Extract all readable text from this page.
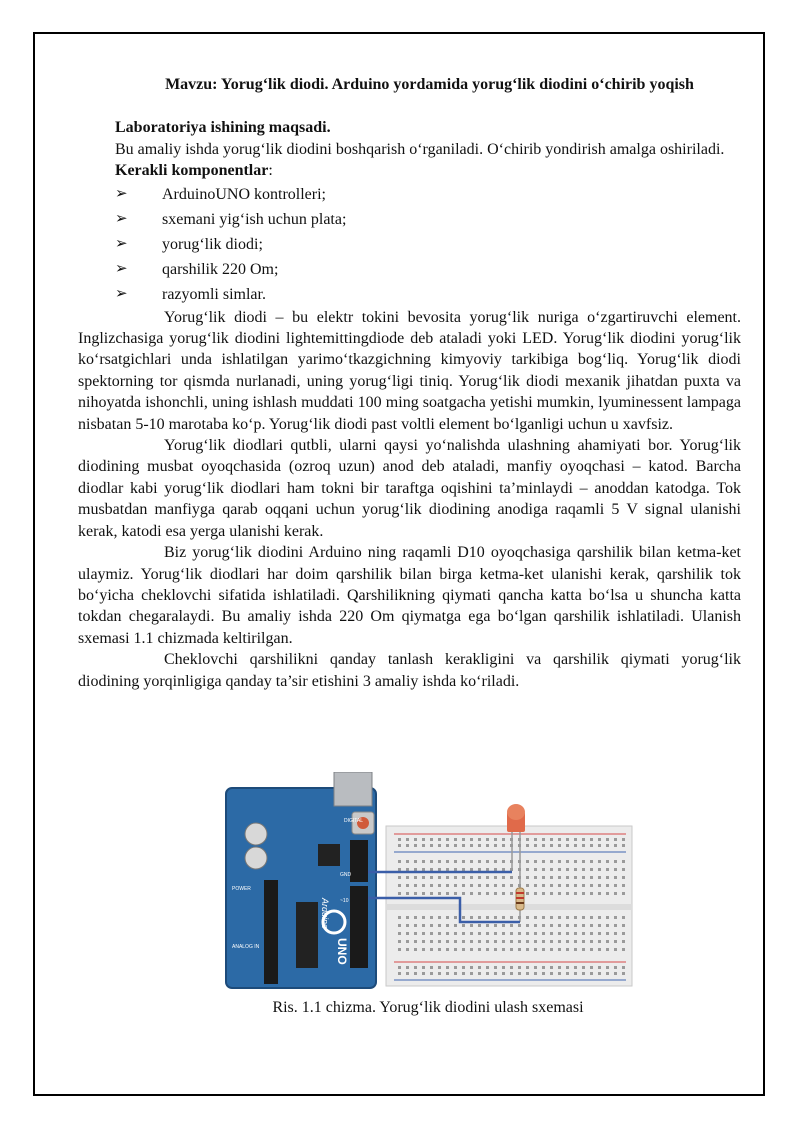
Mavzu: Yorug‘lik diodi. Arduino yordamida yorug‘lik diodini o‘chirib yoqish

Laboratoriya ishining maqsadi.

Bu amaliy ishda yorug‘lik diodini boshqarish o‘rganiladi. O‘chirib yondirish amalga oshiriladi.

Kerakli komponentlar:

➢ ArduinoUNO kontrolleri;
➢ sxemani yig‘ish uchun plata;
➢ yorug‘lik diodi;
➢ qarshilik 220 Om;
➢ razyomli simlar.

Yorug‘lik diodi – bu elektr tokini bevosita yorug‘lik nuriga o‘zgartiruvchi element. Inglizchasiga yorug‘lik diodini lightemittingdiode deb ataladi yoki LED. Yorug‘lik diodini yorug‘lik ko‘rsatgichlari unda ishlatilgan yarimo‘tkazgichning kimyoviy tarkibiga bog‘liq. Yorug‘lik diodi spektorning tor qismda nurlanadi, uning yorug‘ligi tiniq. Yorug‘lik diodi mexanik jihatdan puxta va nihoyatda ishonchli, uning ishlash muddati 100 ming soatgacha yetishi mumkin, lyuminessent lampaga nisbatan 5-10 marotaba ko‘p. Yorug‘lik diodi past voltli element bo‘lganligi uchun u xavfsiz.

Yorug‘lik diodlari qutbli, ularni qaysi yo‘nalishda ulashning ahamiyati bor. Yorug‘lik diodining musbat oyoqchasida (ozroq uzun) anod deb ataladi, manfiy oyoqchasi – katod. Barcha diodlar kabi yorug‘lik diodlari ham tokni bir taraftga oqishini ta’minlaydi – anoddan katodga. Tok musbatdan manfiyga qarab oqqani uchun yorug‘lik diodining anodiga raqamli 5 V signal ulanishi kerak, katodi esa yerga ulanishi kerak.

Biz yorug‘lik diodini Arduino ning raqamli D10 oyoqchasiga qarshilik bilan ketma-ket ulaymiz. Yorug‘lik diodlari har doim qarshilik bilan birga ketma-ket ulanishi kerak, qarshilik tok bo‘yicha cheklovchi sifatida ishlatiladi. Qarshilikning qiymati qancha katta bo‘lsa u shuncha katta tokdan chegaralaydi. Bu amaliy ishda 220 Om qiymatga ega bo‘lgan qarshilik ishlatiladi. Ulanish sxemasi 1.1 chizmada keltirilgan.

Cheklovchi qarshilikni qanday tanlash kerakligini va qarshilik qiymati yorug‘lik diodining yorqinligiga qanday ta’sir etishini 3 amaliy ishda ko‘riladi.

Arduino
UNO
POWER
ANALOG IN
DIGITAL
GND
~10
Ris. 1.1 chizma. Yorug‘lik diodini ulash sxemasi
